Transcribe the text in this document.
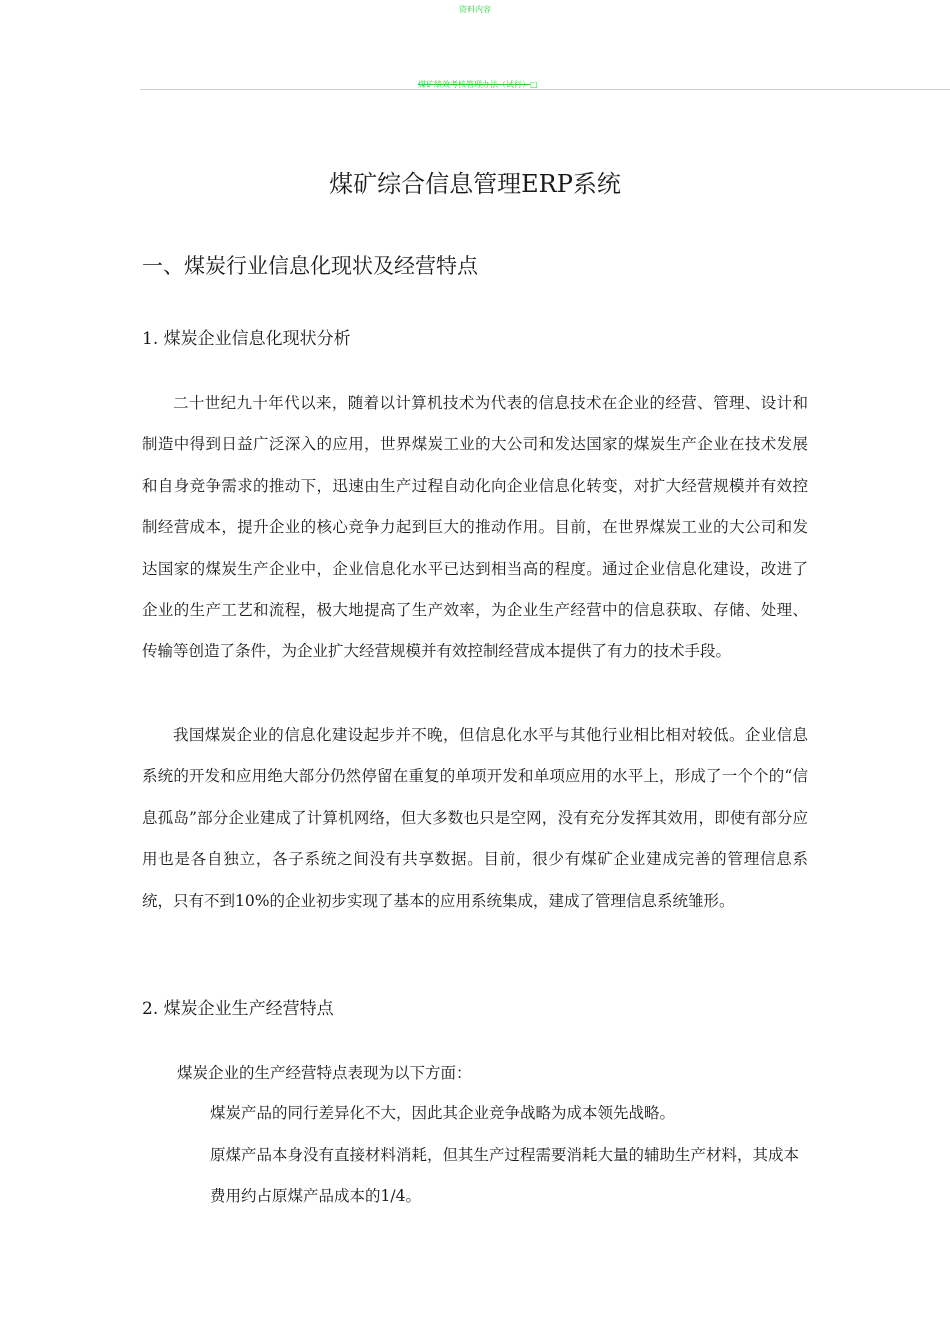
资料内容
煤矿绩效考核管理办法（试行）□
煤矿综合信息管理ERP系统
一、煤炭行业信息化现状及经营特点
1. 煤炭企业信息化现状分析

二十世纪九十年代以来，随着以计算机技术为代表的信息技术在企业的经营、管理、设计和制造中得到日益广泛深入的应用，世界煤炭工业的大公司和发达国家的煤炭生产企业在技术发展和自身竞争需求的推动下，迅速由生产过程自动化向企业信息化转变，对扩大经营规模并有效控制经营成本，提升企业的核心竞争力起到巨大的推动作用。目前，在世界煤炭工业的大公司和发达国家的煤炭生产企业中，企业信息化水平已达到相当高的程度。通过企业信息化建设，改进了企业的生产工艺和流程，极大地提高了生产效率，为企业生产经营中的信息获取、存储、处理、传输等创造了条件，为企业扩大经营规模并有效控制经营成本提供了有力的技术手段。

我国煤炭企业的信息化建设起步并不晚，但信息化水平与其他行业相比相对较低。企业信息系统的开发和应用绝大部分仍然停留在重复的单项开发和单项应用的水平上，形成了一个个的“信息孤岛”部分企业建成了计算机网络，但大多数也只是空网，没有充分发挥其效用，即使有部分应用也是各自独立，各子系统之间没有共享数据。目前，很少有煤矿企业建成完善的管理信息系统，只有不到10%的企业初步实现了基本的应用系统集成，建成了管理信息系统雏形。

2. 煤炭企业生产经营特点
煤炭企业的生产经营特点表现为以下方面：
煤炭产品的同行差异化不大，因此其企业竞争战略为成本领先战略。
原煤产品本身没有直接材料消耗，但其生产过程需要消耗大量的辅助生产材料，其成本费用约占原煤产品成本的1/4。
